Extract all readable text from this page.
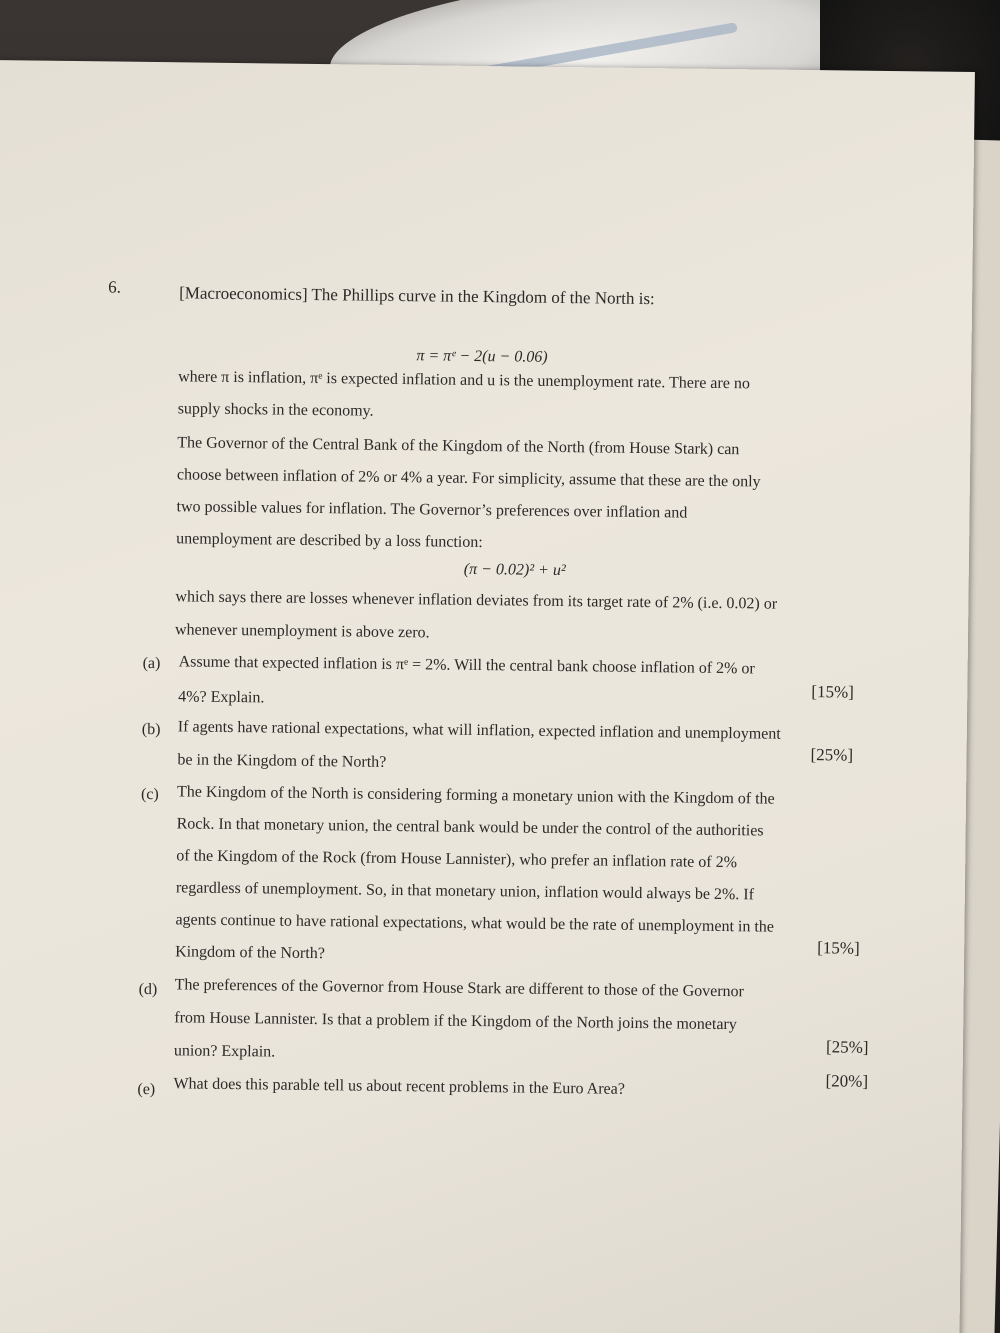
6.	[Macroeconomics] The Phillips curve in the Kingdom of the North is:
π = πᵉ − 2(u − 0.06)
where π is inflation, πᵉ is expected inflation and u is the unemployment rate. There are no
supply shocks in the economy.
The Governor of the Central Bank of the Kingdom of the North (from House Stark) can
choose between inflation of 2% or 4% a year. For simplicity, assume that these are the only
two possible values for inflation. The Governor’s preferences over inflation and
unemployment are described by a loss function:
(π − 0.02)² + u²
which says there are losses whenever inflation deviates from its target rate of 2% (i.e. 0.02) or
whenever unemployment is above zero.
(a) Assume that expected inflation is πᵉ = 2%. Will the central bank choose inflation of 2% or
4%? Explain.	[15%]
(b) If agents have rational expectations, what will inflation, expected inflation and unemployment
be in the Kingdom of the North?	[25%]
(c) The Kingdom of the North is considering forming a monetary union with the Kingdom of the
Rock. In that monetary union, the central bank would be under the control of the authorities
of the Kingdom of the Rock (from House Lannister), who prefer an inflation rate of 2%
regardless of unemployment. So, in that monetary union, inflation would always be 2%. If
agents continue to have rational expectations, what would be the rate of unemployment in the
Kingdom of the North?	[15%]
(d) The preferences of the Governor from House Stark are different to those of the Governor
from House Lannister. Is that a problem if the Kingdom of the North joins the monetary
union? Explain.	[25%]
(e) What does this parable tell us about recent problems in the Euro Area?	[20%]
